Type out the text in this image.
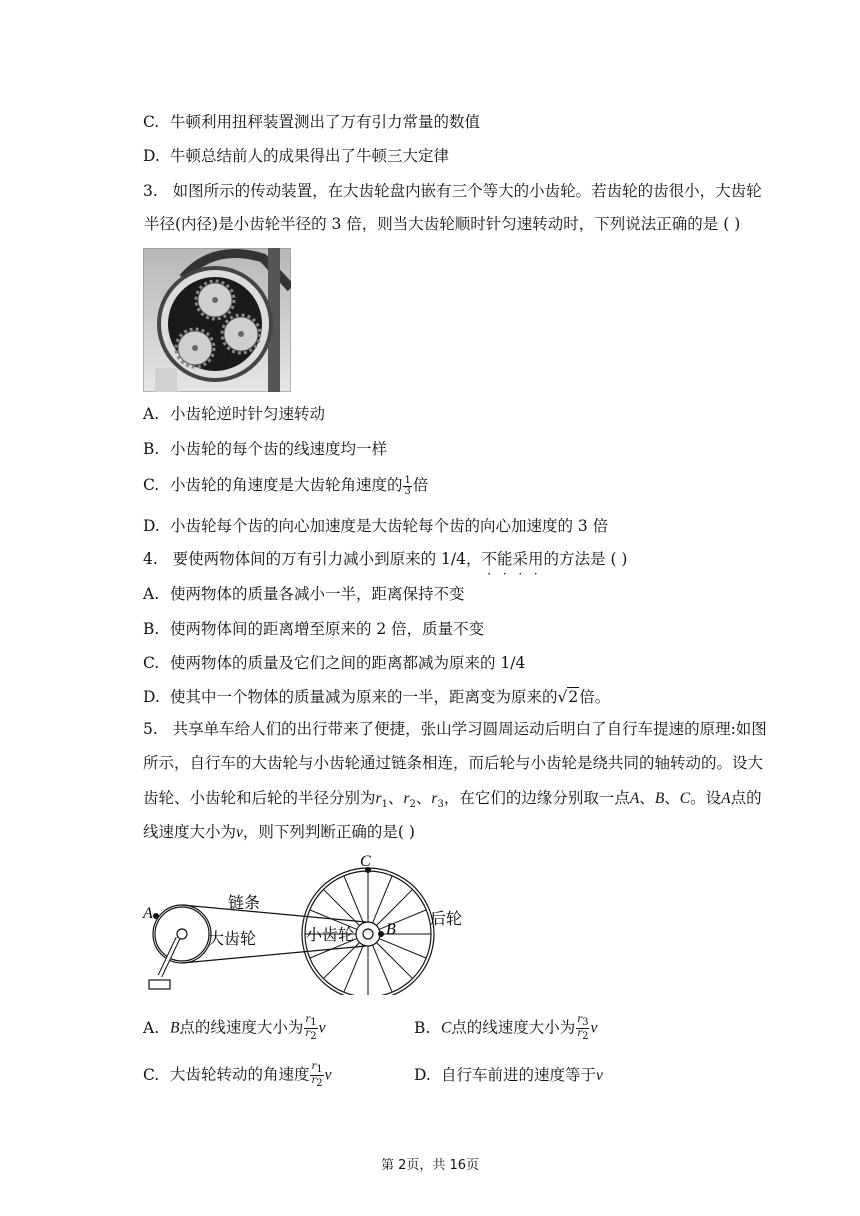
C. 牛顿利用扭秤装置测出了万有引力常量的数值
D. 牛顿总结前人的成果得出了牛顿三大定律
3. 如图所示的传动装置，在大齿轮盘内嵌有三个等大的小齿轮。若齿轮的齿很小，大齿轮
半径(内径)是小齿轮半径的 3 倍，则当大齿轮顺时针匀速转动时，下列说法正确的是 ( )
A. 小齿轮逆时针匀速转动
B. 小齿轮的每个齿的线速度均一样
C. 小齿轮的角速度是大齿轮角速度的 $\frac{1}{3}$ 倍
D. 小齿轮每个齿的向心加速度是大齿轮每个齿的向心加速度的 3 倍
4. 要使两物体间的万有引力减小到原来的 1/4，不能采用的方法是 ( )
A. 使两物体的质量各减小一半，距离保持不变
B. 使两物体间的距离增至原来的 2 倍，质量不变
C. 使两物体的质量及它们之间的距离都减为原来的 1/4
D. 使其中一个物体的质量减为原来的一半，距离变为原来的√2倍。
5. 共享单车给人们的出行带来了便捷，张山学习圆周运动后明白了自行车提速的原理:如图
所示，自行车的大齿轮与小齿轮通过链条相连，而后轮与小齿轮是绕共同的轴转动的。设大
齿轮、小齿轮和后轮的半径分别为$r_1$、$r_2$、$r_3$，在它们的边缘分别取一点A、B、C。设A点的
线速度大小为v，则下列判断正确的是( )
A
C
B
链条
大齿轮	小齿轮
后轮
A. B点的线速度大小为 $\frac{r_1}{r_2}$ v	B. C点的线速度大小为 $\frac{r_3}{r_2}$ v
C. 大齿轮转动的角速度 $\frac{r_1}{r_2}$ v	D. 自行车前进的速度等于v
第 2页，共 16页
